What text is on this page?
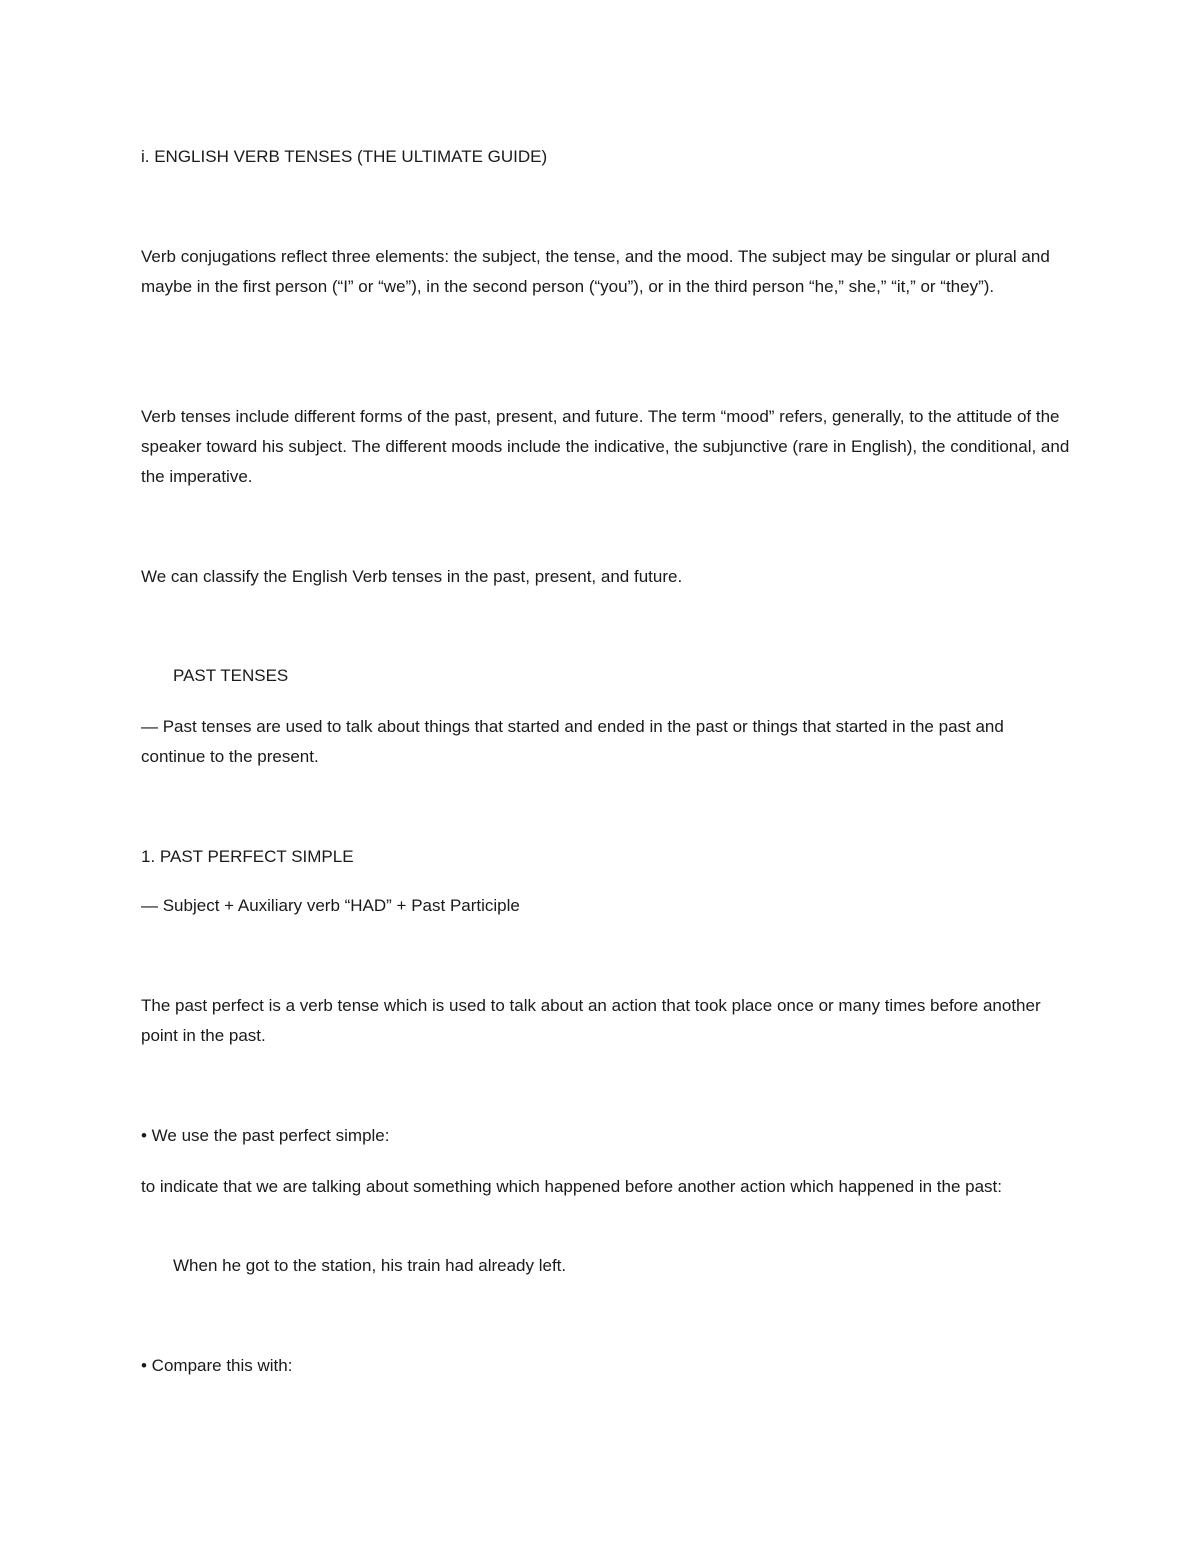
i. ENGLISH VERB TENSES (THE ULTIMATE GUIDE)

Verb conjugations reflect three elements: the subject, the tense, and the mood. The subject may be singular or plural and maybe in the first person (“I” or “we”), in the second person (“you”), or in the third person “he,” she,” “it,” or “they”).

Verb tenses include different forms of the past, present, and future. The term “mood” refers, generally, to the attitude of the speaker toward his subject. The different moods include the indicative, the subjunctive (rare in English), the conditional, and the imperative.

We can classify the English Verb tenses in the past, present, and future.

PAST TENSES

— Past tenses are used to talk about things that started and ended in the past or things that started in the past and continue to the present.

1. PAST PERFECT SIMPLE

— Subject + Auxiliary verb “HAD” + Past Participle

The past perfect is a verb tense which is used to talk about an action that took place once or many times before another point in the past.

• We use the past perfect simple:

to indicate that we are talking about something which happened before another action which happened in the past:

When he got to the station, his train had already left.

• Compare this with:
